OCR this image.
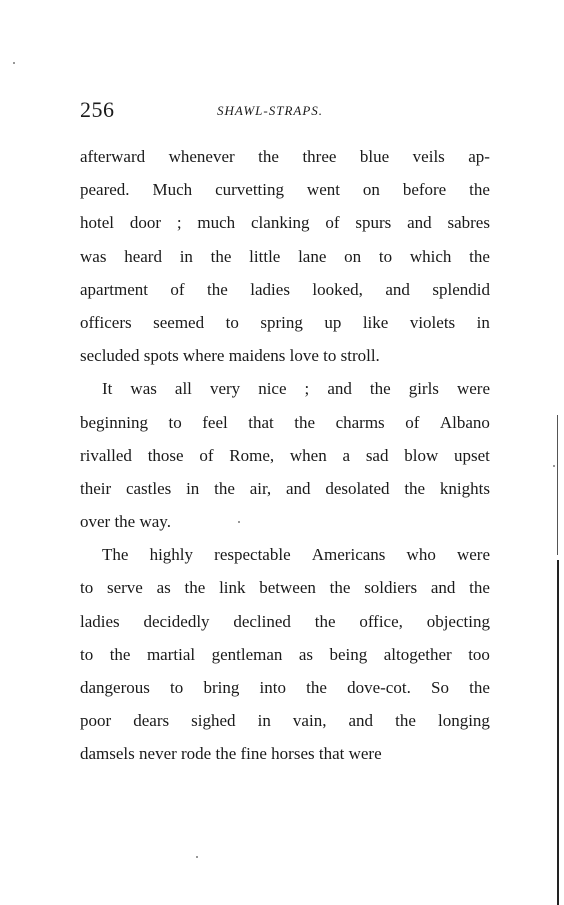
256	SHAWL-STRAPS.
afterward whenever the three blue veils ap-
peared. Much curvetting went on before the
hotel door ; much clanking of spurs and sabres
was heard in the little lane on to which the
apartment of the ladies looked, and splendid
officers seemed to spring up like violets in
secluded spots where maidens love to stroll.
It was all very nice ; and the girls were
beginning to feel that the charms of Albano
rivalled those of Rome, when a sad blow upset
their castles in the air, and desolated the knights
over the way.
The highly respectable Americans who were
to serve as the link between the soldiers and the
ladies decidedly declined the office, objecting
to the martial gentleman as being altogether too
dangerous to bring into the dove-cot. So the
poor dears sighed in vain, and the longing
damsels never rode the fine horses that were
